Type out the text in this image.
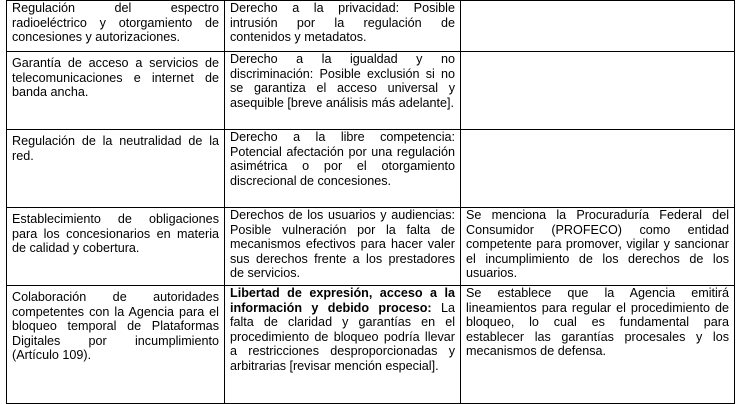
Regulación del espectro radioeléctrico y otorgamiento de concesiones y autorizaciones.	Derecho a la privacidad: Posible intrusión por la regulación de contenidos y metadatos.	
Garantía de acceso a servicios de telecomunicaciones e internet de banda ancha.	Derecho a la igualdad y no discriminación: Posible exclusión si no se garantiza el acceso universal y asequible [breve análisis más adelante].	
Regulación de la neutralidad de la red.	Derecho a la libre competencia: Potencial afectación por una regulación asimétrica o por el otorgamiento discrecional de concesiones.	
Establecimiento de obligaciones para los concesionarios en materia de calidad y cobertura.	Derechos de los usuarios y audiencias: Posible vulneración por la falta de mecanismos efectivos para hacer valer sus derechos frente a los prestadores de servicios.	Se menciona la Procuraduría Federal del Consumidor (PROFECO) como entidad competente para promover, vigilar y sancionar el incumplimiento de los derechos de los usuarios.
Colaboración de autoridades competentes con la Agencia para el bloqueo temporal de Plataformas Digitales por incumplimiento (Artículo 109).	Libertad de expresión, acceso a la información y debido proceso: La falta de claridad y garantías en el procedimiento de bloqueo podría llevar a restricciones desproporcionadas y arbitrarias [revisar mención especial].	Se establece que la Agencia emitirá lineamientos para regular el procedimiento de bloqueo, lo cual es fundamental para establecer las garantías procesales y los mecanismos de defensa.
